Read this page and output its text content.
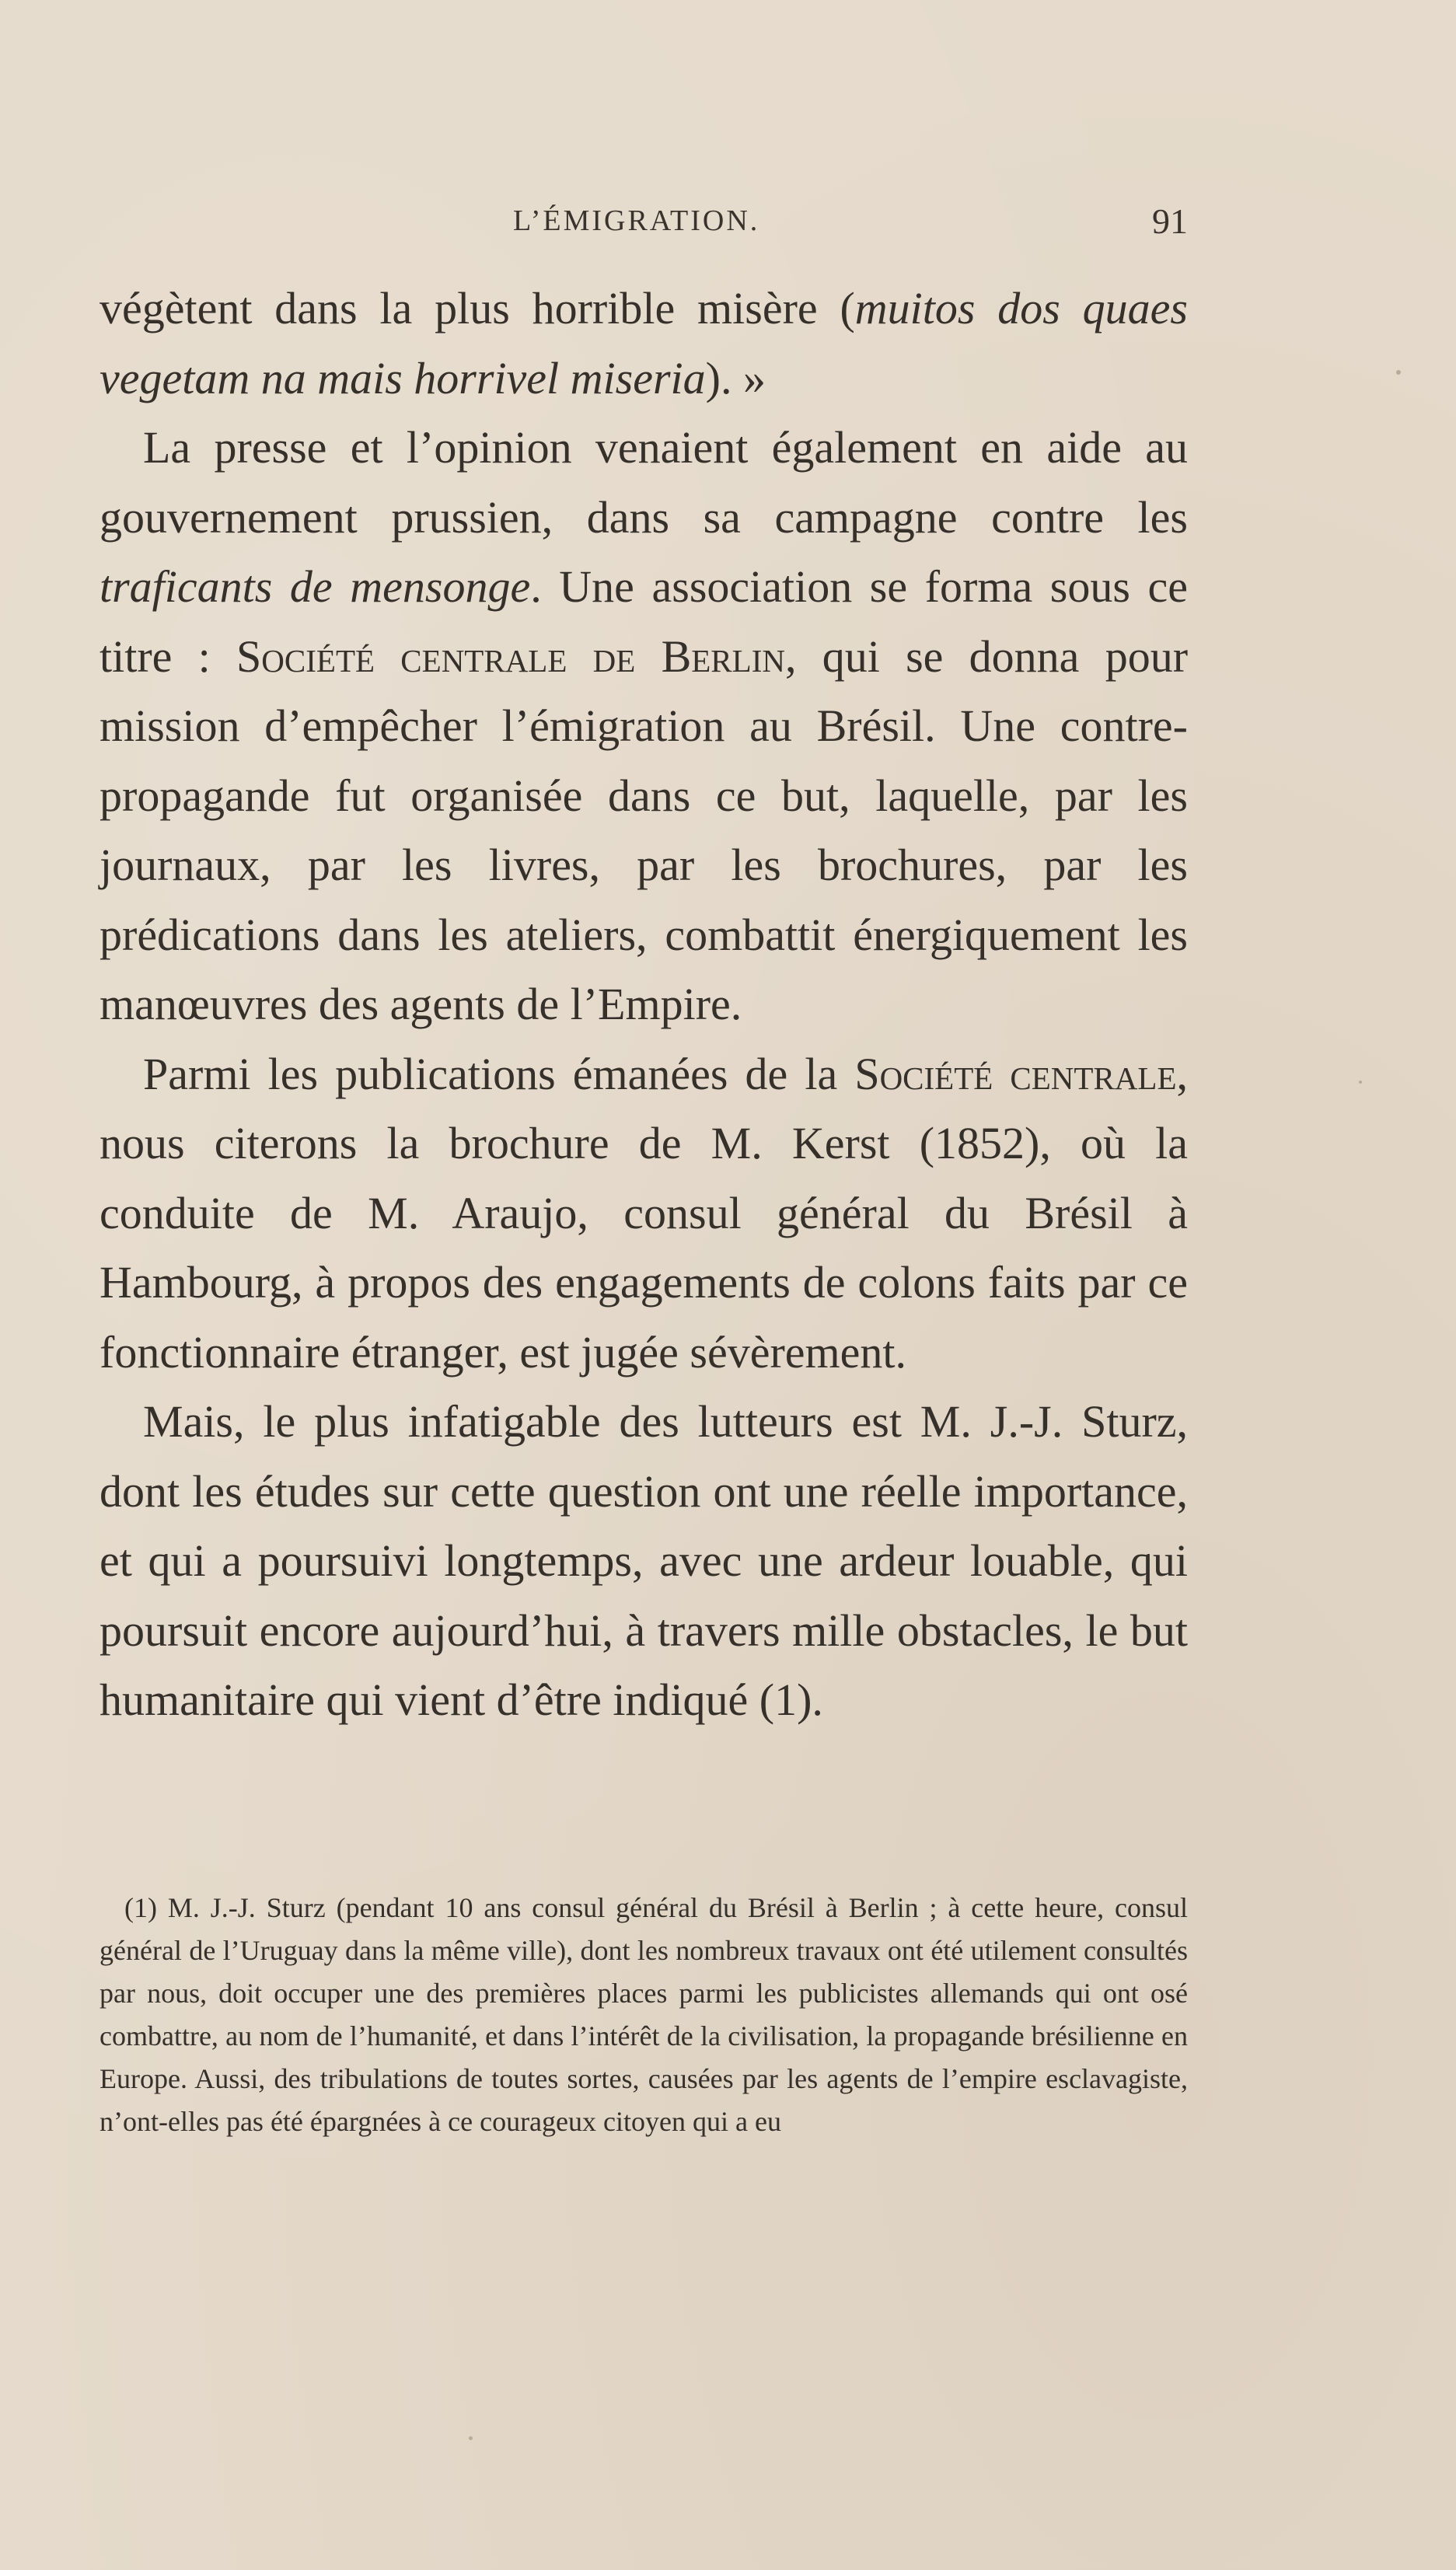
L’ÉMIGRATION.	91

végètent dans la plus horrible misère (muitos dos quaes vegetam na mais horrivel miseria). »

La presse et l’opinion venaient également en aide au gouvernement prussien, dans sa campagne contre les traficants de mensonge. Une association se forma sous ce titre : Société centrale de Berlin, qui se donna pour mission d’empêcher l’émigration au Brésil. Une contre-propagande fut organisée dans ce but, laquelle, par les journaux, par les livres, par les brochures, par les prédications dans les ateliers, combattit énergiquement les manœuvres des agents de l’Empire.

Parmi les publications émanées de la Société centrale, nous citerons la brochure de M. Kerst (1852), où la conduite de M. Araujo, consul général du Brésil à Hambourg, à propos des engagements de colons faits par ce fonctionnaire étranger, est jugée sévèrement.

Mais, le plus infatigable des lutteurs est M. J.-J. Sturz, dont les études sur cette question ont une réelle importance, et qui a poursuivi longtemps, avec une ardeur louable, qui poursuit encore aujourd’hui, à travers mille obstacles, le but humanitaire qui vient d’être indiqué (1).

(1) M. J.-J. Sturz (pendant 10 ans consul général du Brésil à Berlin ; à cette heure, consul général de l’Uruguay dans la même ville), dont les nombreux travaux ont été utilement consultés par nous, doit occuper une des premières places parmi les publicistes allemands qui ont osé combattre, au nom de l’humanité, et dans l’intérêt de la civilisation, la propagande brésilienne en Europe. Aussi, des tribulations de toutes sortes, causées par les agents de l’empire esclavagiste, n’ont-elles pas été épargnées à ce courageux citoyen qui a eu
